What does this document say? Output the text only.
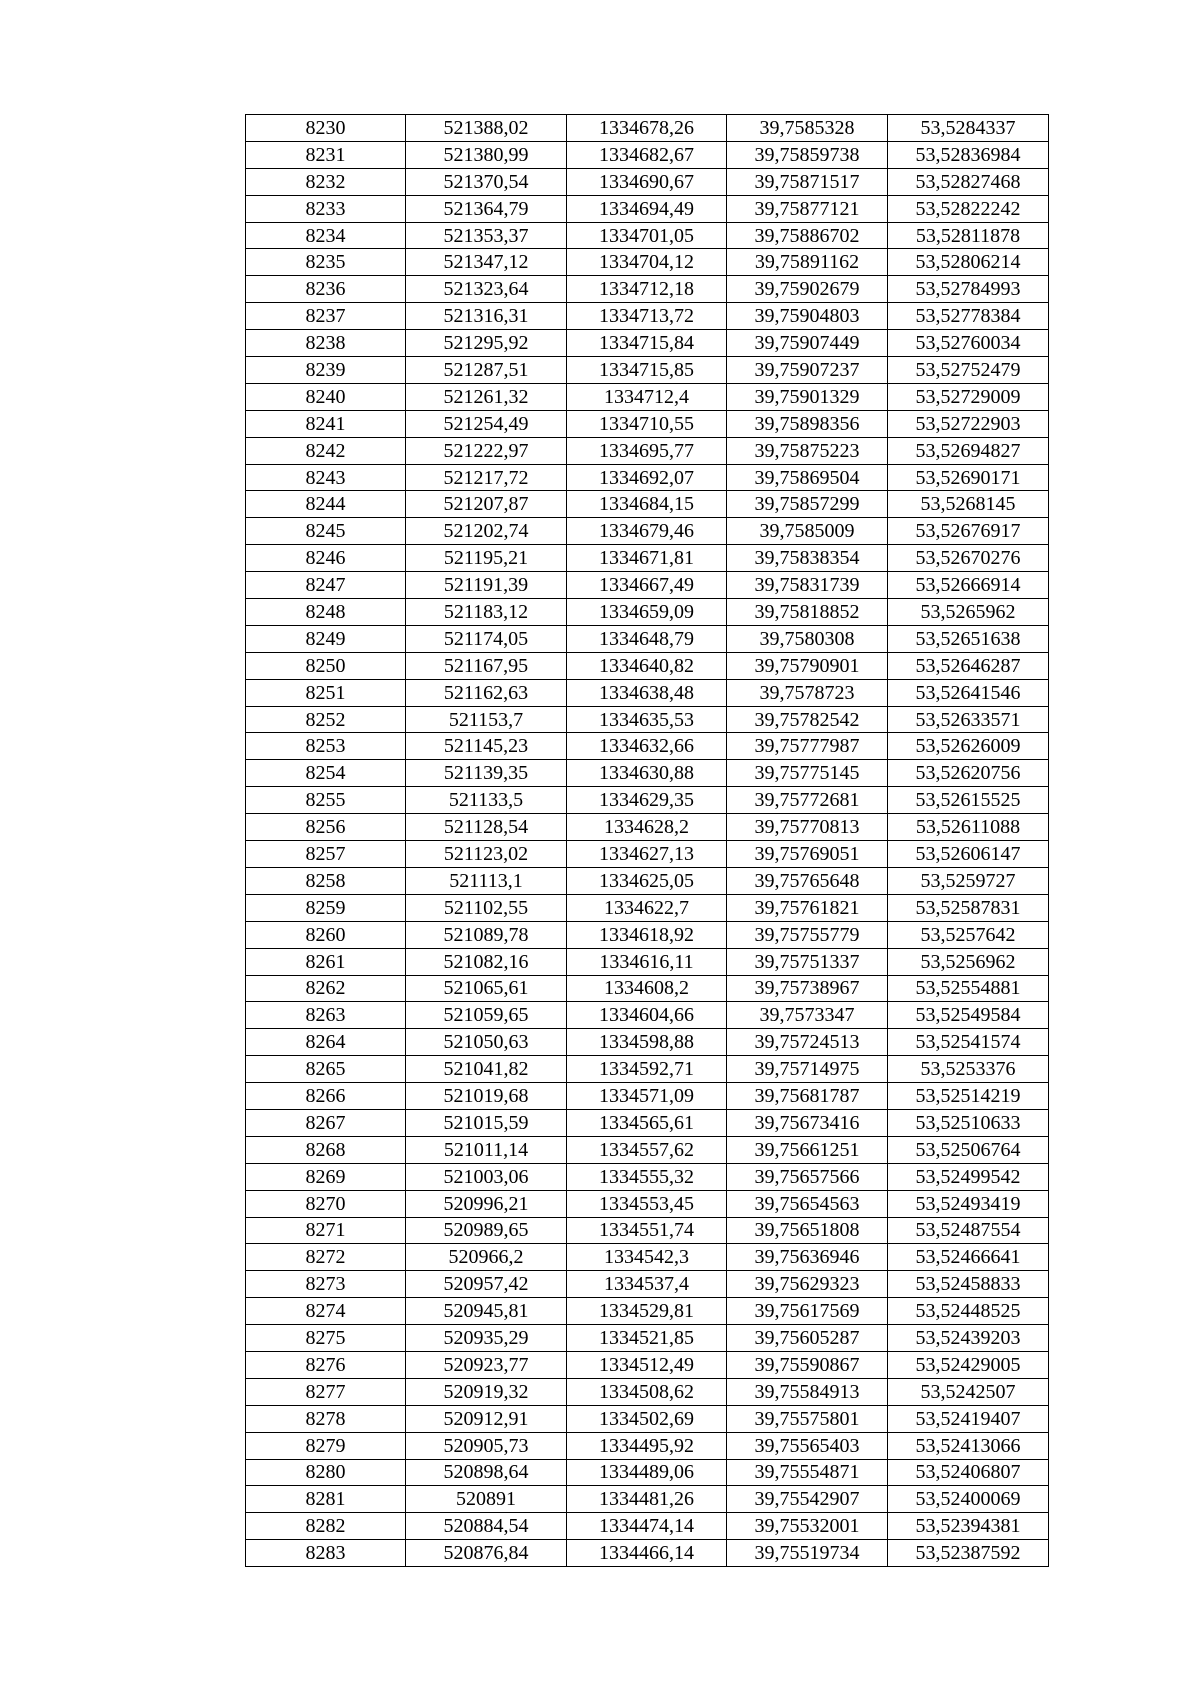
8230	521388,02	1334678,26	39,7585328	53,5284337
8231	521380,99	1334682,67	39,75859738	53,52836984
8232	521370,54	1334690,67	39,75871517	53,52827468
8233	521364,79	1334694,49	39,75877121	53,52822242
8234	521353,37	1334701,05	39,75886702	53,52811878
8235	521347,12	1334704,12	39,75891162	53,52806214
8236	521323,64	1334712,18	39,75902679	53,52784993
8237	521316,31	1334713,72	39,75904803	53,52778384
8238	521295,92	1334715,84	39,75907449	53,52760034
8239	521287,51	1334715,85	39,75907237	53,52752479
8240	521261,32	1334712,4	39,75901329	53,52729009
8241	521254,49	1334710,55	39,75898356	53,52722903
8242	521222,97	1334695,77	39,75875223	53,52694827
8243	521217,72	1334692,07	39,75869504	53,52690171
8244	521207,87	1334684,15	39,75857299	53,5268145
8245	521202,74	1334679,46	39,7585009	53,52676917
8246	521195,21	1334671,81	39,75838354	53,52670276
8247	521191,39	1334667,49	39,75831739	53,52666914
8248	521183,12	1334659,09	39,75818852	53,5265962
8249	521174,05	1334648,79	39,7580308	53,52651638
8250	521167,95	1334640,82	39,75790901	53,52646287
8251	521162,63	1334638,48	39,7578723	53,52641546
8252	521153,7	1334635,53	39,75782542	53,52633571
8253	521145,23	1334632,66	39,75777987	53,52626009
8254	521139,35	1334630,88	39,75775145	53,52620756
8255	521133,5	1334629,35	39,75772681	53,52615525
8256	521128,54	1334628,2	39,75770813	53,52611088
8257	521123,02	1334627,13	39,75769051	53,52606147
8258	521113,1	1334625,05	39,75765648	53,5259727
8259	521102,55	1334622,7	39,75761821	53,52587831
8260	521089,78	1334618,92	39,75755779	53,5257642
8261	521082,16	1334616,11	39,75751337	53,5256962
8262	521065,61	1334608,2	39,75738967	53,52554881
8263	521059,65	1334604,66	39,7573347	53,52549584
8264	521050,63	1334598,88	39,75724513	53,52541574
8265	521041,82	1334592,71	39,75714975	53,5253376
8266	521019,68	1334571,09	39,75681787	53,52514219
8267	521015,59	1334565,61	39,75673416	53,52510633
8268	521011,14	1334557,62	39,75661251	53,52506764
8269	521003,06	1334555,32	39,75657566	53,52499542
8270	520996,21	1334553,45	39,75654563	53,52493419
8271	520989,65	1334551,74	39,75651808	53,52487554
8272	520966,2	1334542,3	39,75636946	53,52466641
8273	520957,42	1334537,4	39,75629323	53,52458833
8274	520945,81	1334529,81	39,75617569	53,52448525
8275	520935,29	1334521,85	39,75605287	53,52439203
8276	520923,77	1334512,49	39,75590867	53,52429005
8277	520919,32	1334508,62	39,75584913	53,5242507
8278	520912,91	1334502,69	39,75575801	53,52419407
8279	520905,73	1334495,92	39,75565403	53,52413066
8280	520898,64	1334489,06	39,75554871	53,52406807
8281	520891	1334481,26	39,75542907	53,52400069
8282	520884,54	1334474,14	39,75532001	53,52394381
8283	520876,84	1334466,14	39,75519734	53,52387592
